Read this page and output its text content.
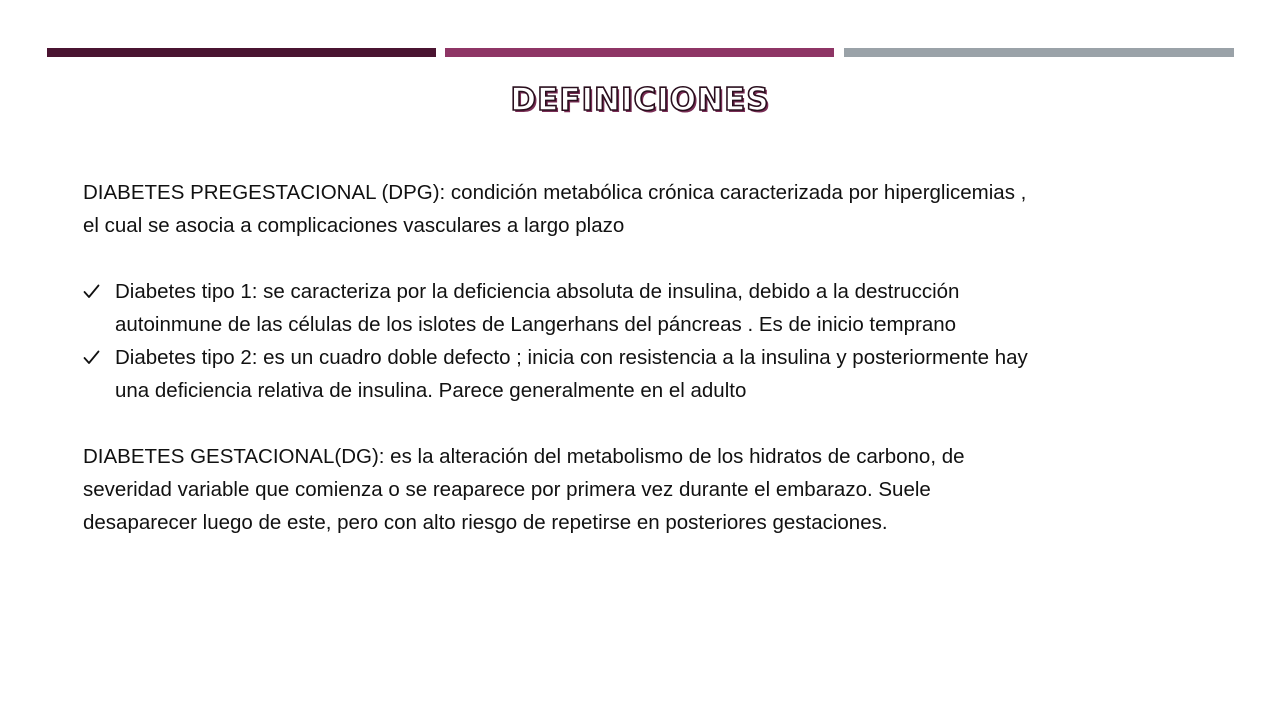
DEFINICIONES

DIABETES PREGESTACIONAL (DPG): condición metabólica crónica caracterizada por hiperglicemias ,
el cual se asocia a complicaciones vasculares a largo plazo

Diabetes tipo 1: se caracteriza por la deficiencia absoluta de insulina, debido a la destrucción
autoinmune de las células de los islotes de Langerhans del páncreas . Es de inicio temprano
Diabetes tipo 2: es un cuadro doble defecto ; inicia con resistencia a la insulina y posteriormente hay
una deficiencia relativa de insulina. Parece generalmente en el adulto

DIABETES GESTACIONAL(DG): es la alteración del metabolismo de los hidratos de carbono, de
severidad variable que comienza o se reaparece por primera vez durante el embarazo. Suele
desaparecer luego de este, pero con alto riesgo de repetirse en posteriores gestaciones.
